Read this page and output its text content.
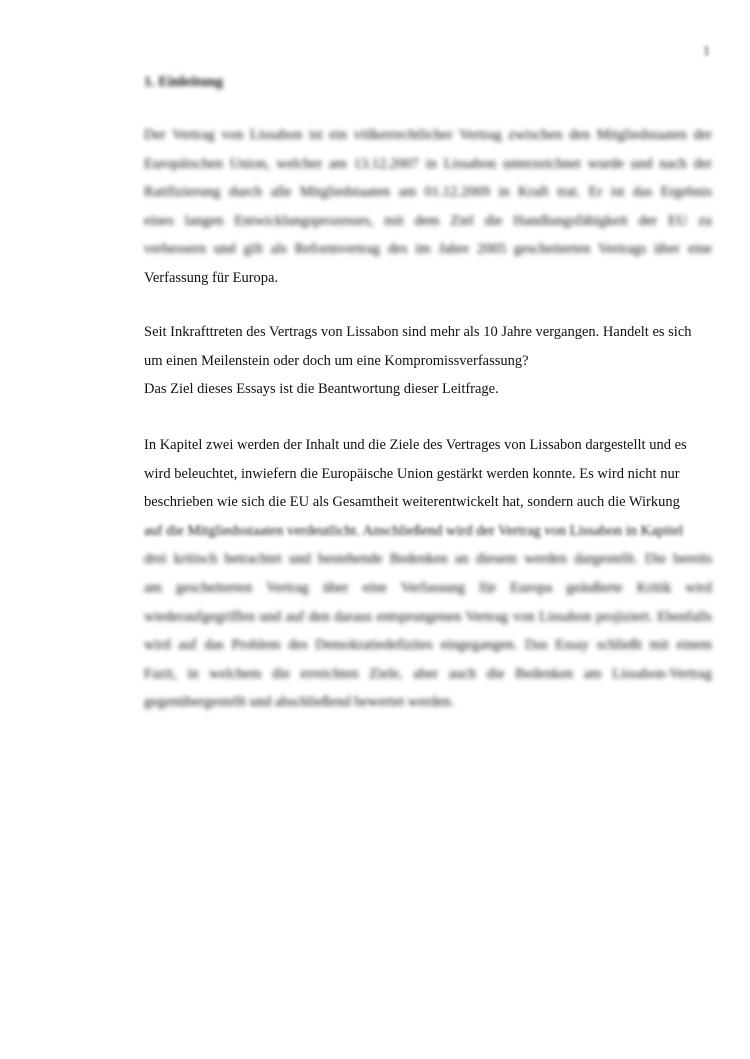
1
1. Einleitung
Der Vertrag von Lissabon ist ein völkerrechtlicher Vertrag zwischen den Mitgliedstaaten der
Europäischen Union, welcher am 13.12.2007 in Lissabon unterzeichnet wurde und nach der
Ratifizierung durch alle Mitgliedstaaten am 01.12.2009 in Kraft trat. Er ist das Ergebnis
eines langen Entwicklungsprozesses, mit dem Ziel die Handlungsfähigkeit der EU zu
verbessern und gilt als Reformvertrag des im Jahre 2005 gescheiterten Vertrags über eine
Verfassung für Europa.
Seit Inkrafttreten des Vertrags von Lissabon sind mehr als 10 Jahre vergangen. Handelt es sich
um einen Meilenstein oder doch um eine Kompromissverfassung?
Das Ziel dieses Essays ist die Beantwortung dieser Leitfrage.
In Kapitel zwei werden der Inhalt und die Ziele des Vertrages von Lissabon dargestellt und es
wird beleuchtet, inwiefern die Europäische Union gestärkt werden konnte. Es wird nicht nur
beschrieben wie sich die EU als Gesamtheit weiterentwickelt hat, sondern auch die Wirkung
auf die Mitgliedsstaaten verdeutlicht. Anschließend wird der Vertrag von Lissabon in Kapitel
drei kritisch betrachtet und bestehende Bedenken an diesem werden dargestellt. Die bereits
am gescheiterten Vertrag über eine Verfassung für Europa geäußerte Kritik wird
wiederaufgegriffen und auf den daraus entsprungenen Vertrag von Lissabon projiziert. Ebenfalls
wird auf das Problem des Demokratiedefizites eingegangen. Das Essay schließt mit einem
Fazit, in welchem die erreichten Ziele, aber auch die Bedenken am Lissabon-Vertrag
gegenübergestellt und abschließend bewertet werden.
